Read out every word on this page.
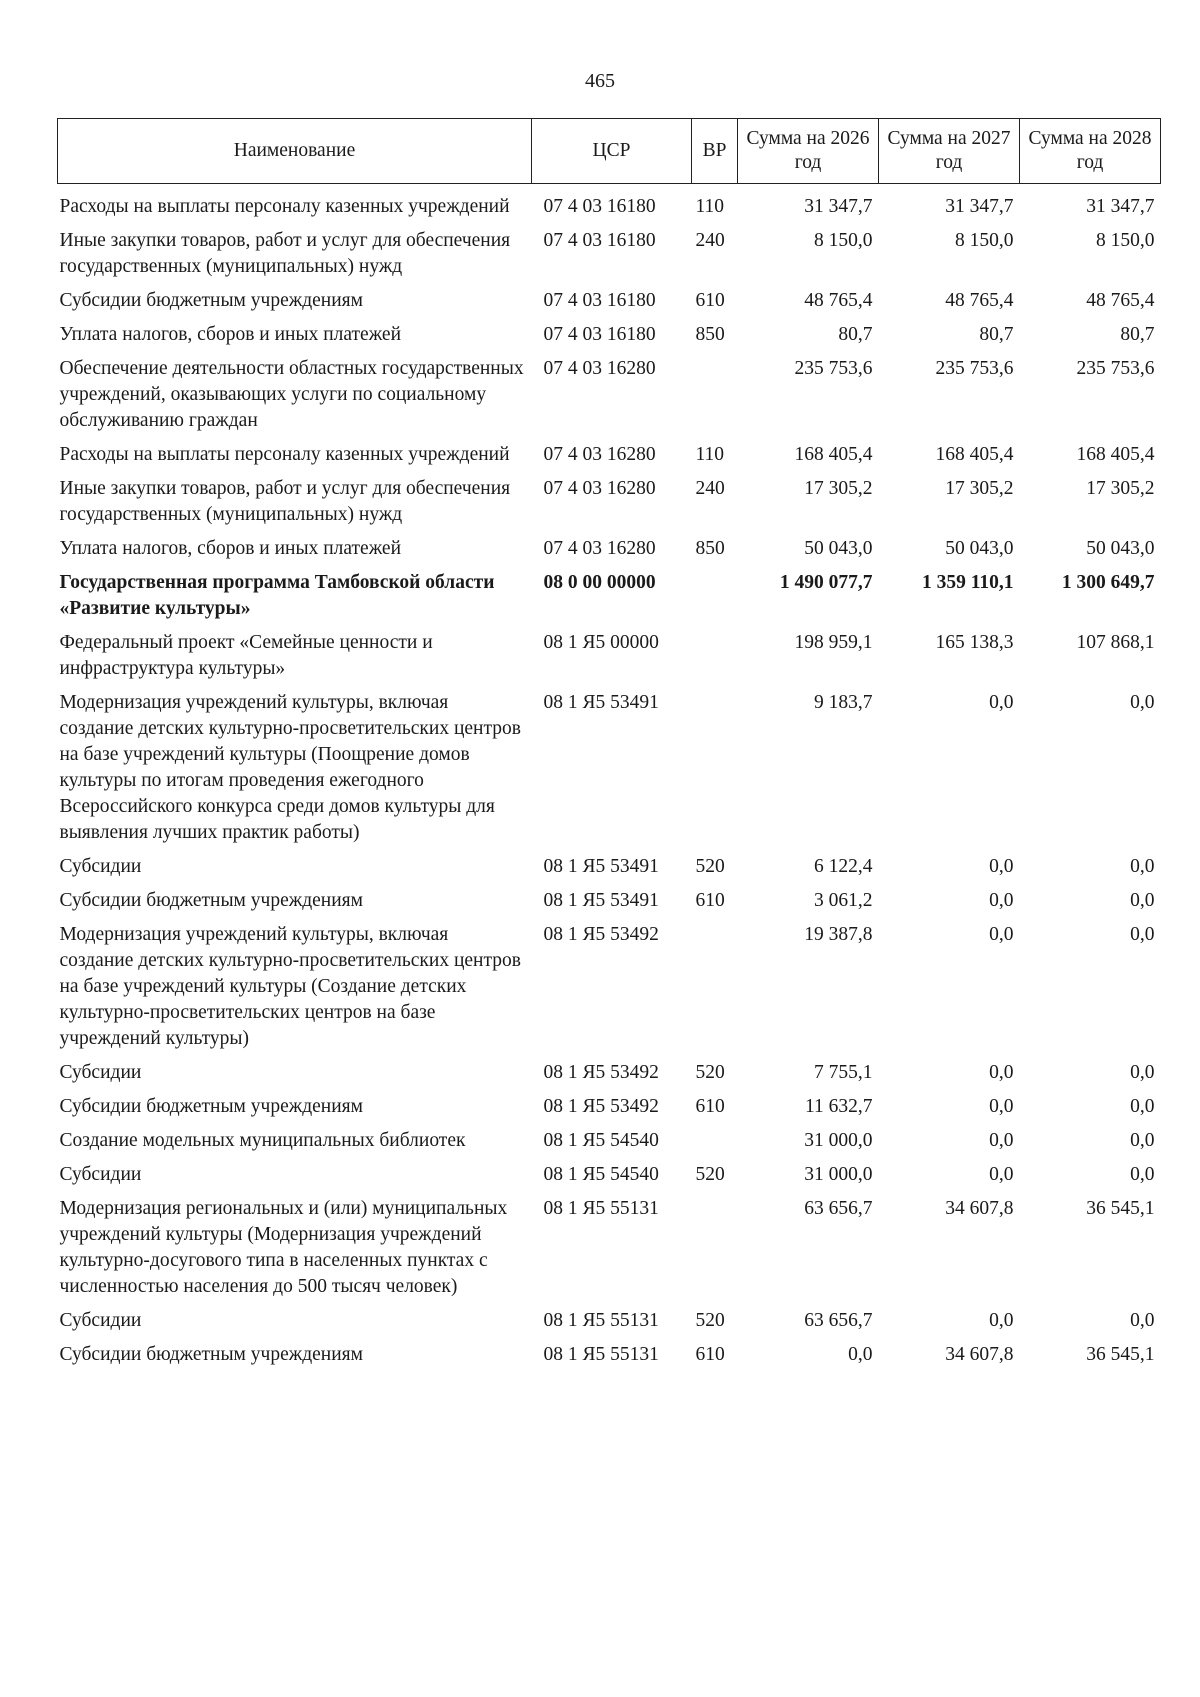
465
Наименование	ЦСР	ВР	Сумма на 2026 год	Сумма на 2027 год	Сумма на 2028 год
Расходы на выплаты персоналу казенных учреждений	07 4 03 16180	110	31 347,7	31 347,7	31 347,7
Иные закупки товаров, работ и услуг для обеспечения государственных (муниципальных) нужд	07 4 03 16180	240	8 150,0	8 150,0	8 150,0
Субсидии бюджетным учреждениям	07 4 03 16180	610	48 765,4	48 765,4	48 765,4
Уплата налогов, сборов и иных платежей	07 4 03 16180	850	80,7	80,7	80,7
Обеспечение деятельности областных государственных учреждений, оказывающих услуги по социальному обслуживанию граждан	07 4 03 16280		235 753,6	235 753,6	235 753,6
Расходы на выплаты персоналу казенных учреждений	07 4 03 16280	110	168 405,4	168 405,4	168 405,4
Иные закупки товаров, работ и услуг для обеспечения государственных (муниципальных) нужд	07 4 03 16280	240	17 305,2	17 305,2	17 305,2
Уплата налогов, сборов и иных платежей	07 4 03 16280	850	50 043,0	50 043,0	50 043,0
Государственная программа Тамбовской области «Развитие культуры»	08 0 00 00000		1 490 077,7	1 359 110,1	1 300 649,7
Федеральный проект «Семейные ценности и инфраструктура культуры»	08 1 Я5 00000		198 959,1	165 138,3	107 868,1
Модернизация учреждений культуры, включая создание детских культурно-просветительских центров на базе учреждений культуры (Поощрение домов культуры по итогам проведения ежегодного Всероссийского конкурса среди домов культуры для выявления лучших практик работы)	08 1 Я5 53491		9 183,7	0,0	0,0
Субсидии	08 1 Я5 53491	520	6 122,4	0,0	0,0
Субсидии бюджетным учреждениям	08 1 Я5 53491	610	3 061,2	0,0	0,0
Модернизация учреждений культуры, включая создание детских культурно-просветительских центров на базе учреждений культуры (Создание детских культурно-просветительских центров на базе учреждений культуры)	08 1 Я5 53492		19 387,8	0,0	0,0
Субсидии	08 1 Я5 53492	520	7 755,1	0,0	0,0
Субсидии бюджетным учреждениям	08 1 Я5 53492	610	11 632,7	0,0	0,0
Создание модельных муниципальных библиотек	08 1 Я5 54540		31 000,0	0,0	0,0
Субсидии	08 1 Я5 54540	520	31 000,0	0,0	0,0
Модернизация региональных и (или) муниципальных учреждений культуры (Модернизация учреждений культурно-досугового типа в населенных пунктах с численностью населения до 500 тысяч человек)	08 1 Я5 55131		63 656,7	34 607,8	36 545,1
Субсидии	08 1 Я5 55131	520	63 656,7	0,0	0,0
Субсидии бюджетным учреждениям	08 1 Я5 55131	610	0,0	34 607,8	36 545,1
